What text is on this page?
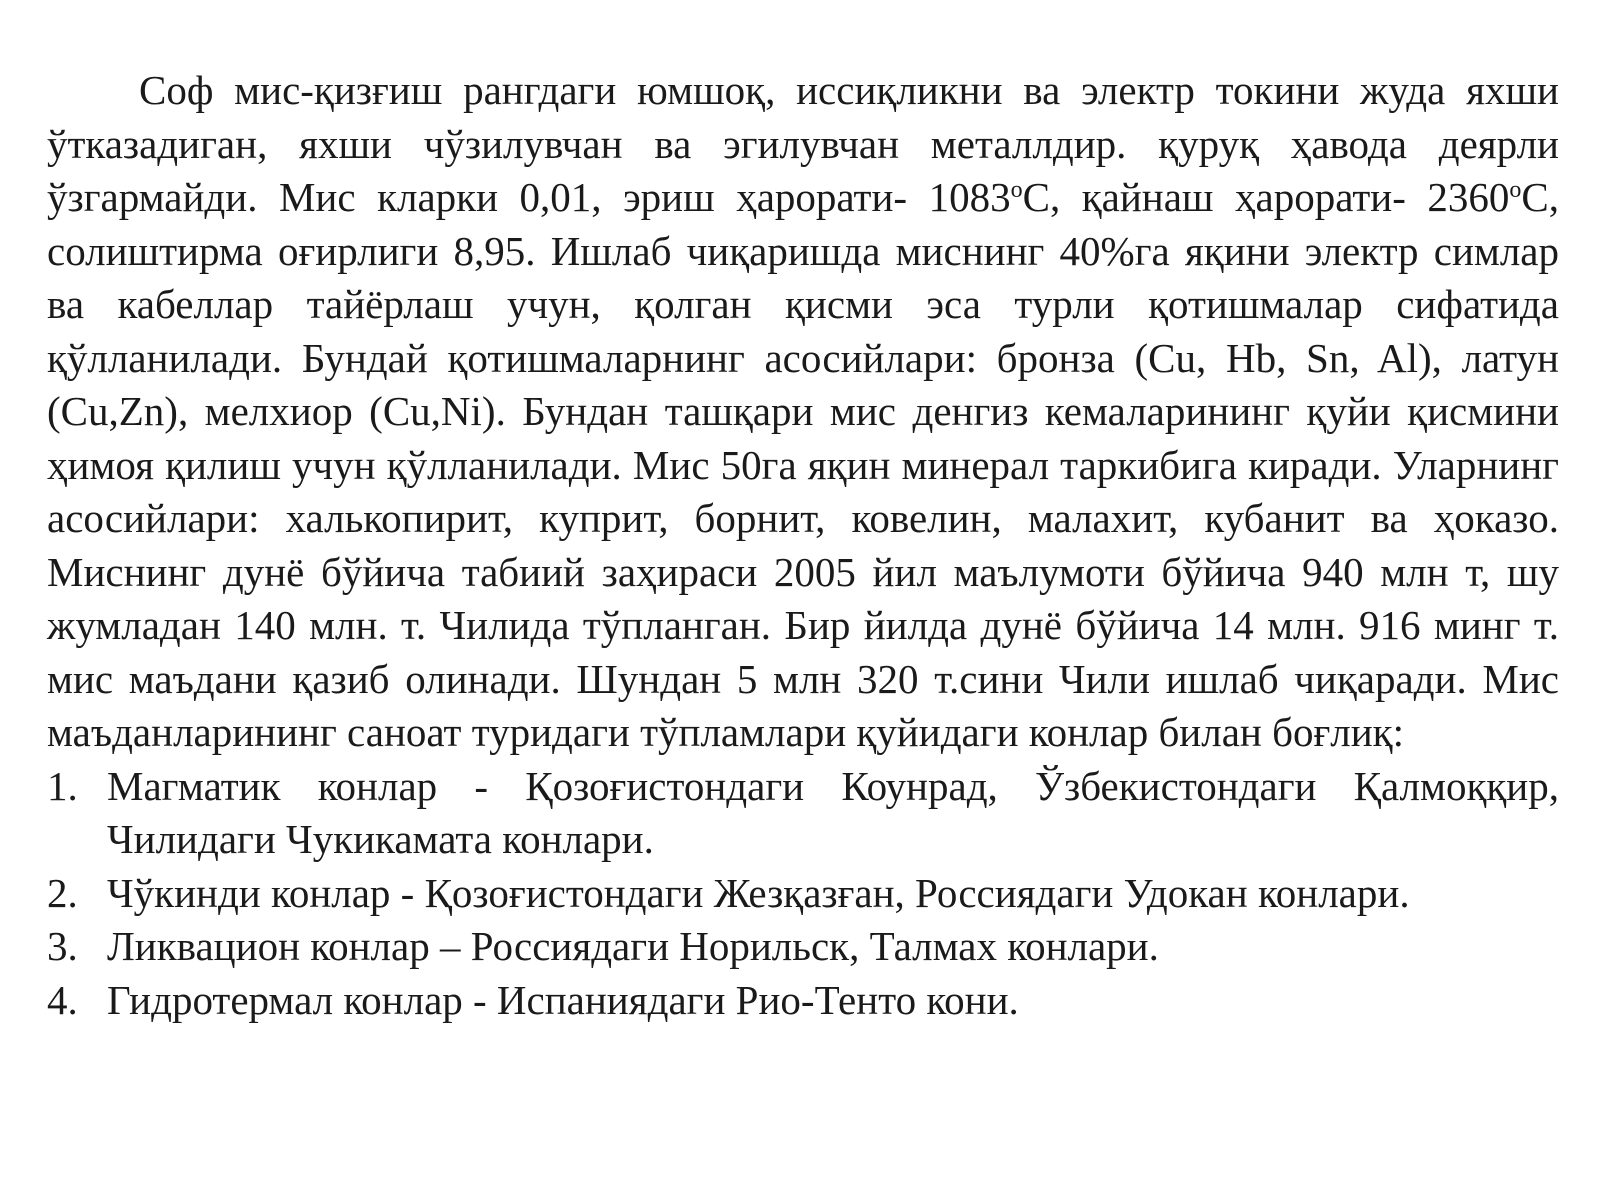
Соф мис-қизғиш рангдаги юмшоқ, иссиқликни ва электр токини жуда яхши ўтказадиган, яхши чўзилувчан ва эгилувчан металлдир. қуруқ ҳавода деярли ўзгармайди. Мис кларки 0,01, эриш ҳарорати- 1083$^o$С, қайнаш ҳарорати- 2360$^o$С, солиштирма оғирлиги 8,95. Ишлаб чиқаришда миснинг 40%га яқини электр симлар ва кабеллар тайёрлаш учун, қолган қисми эса турли қотишмалар сифатида қўлланилади. Бундай қотишмаларнинг асосийлари: бронза (Cu, Hb, Sn, Al), латун (Cu,Zn), мелхиор (Cu,Ni). Бундан ташқари мис денгиз кемаларининг қуйи қисмини ҳимоя қилиш учун қўлланилади. Мис 50га яқин минерал таркибига киради. Уларнинг асосийлари: халькопирит, куприт, борнит, ковелин, малахит, кубанит ва ҳоказо. Миснинг дунё бўйича табиий заҳираси 2005 йил маълумоти бўйича 940 млн т, шу жумладан 140 млн. т. Чилида тўпланган. Бир йилда дунё бўйича 14 млн. 916 минг т. мис маъдани қазиб олинади. Шундан 5 млн 320 т.сини Чили ишлаб чиқаради. Мис маъданларининг саноат туридаги тўпламлари қуйидаги конлар билан боғлиқ:

1. Магматик конлар - Қозоғистондаги Коунрад, Ўзбекистондаги Қалмоққир, Чилидаги Чукикамата конлари.
2. Чўкинди конлар - Қозоғистондаги Жезқазған, Россиядаги Удокан конлари.
3. Ликвацион конлар – Россиядаги Норильск, Талмах конлари.
4. Гидротермал конлар - Испаниядаги Рио-Тенто кони.
